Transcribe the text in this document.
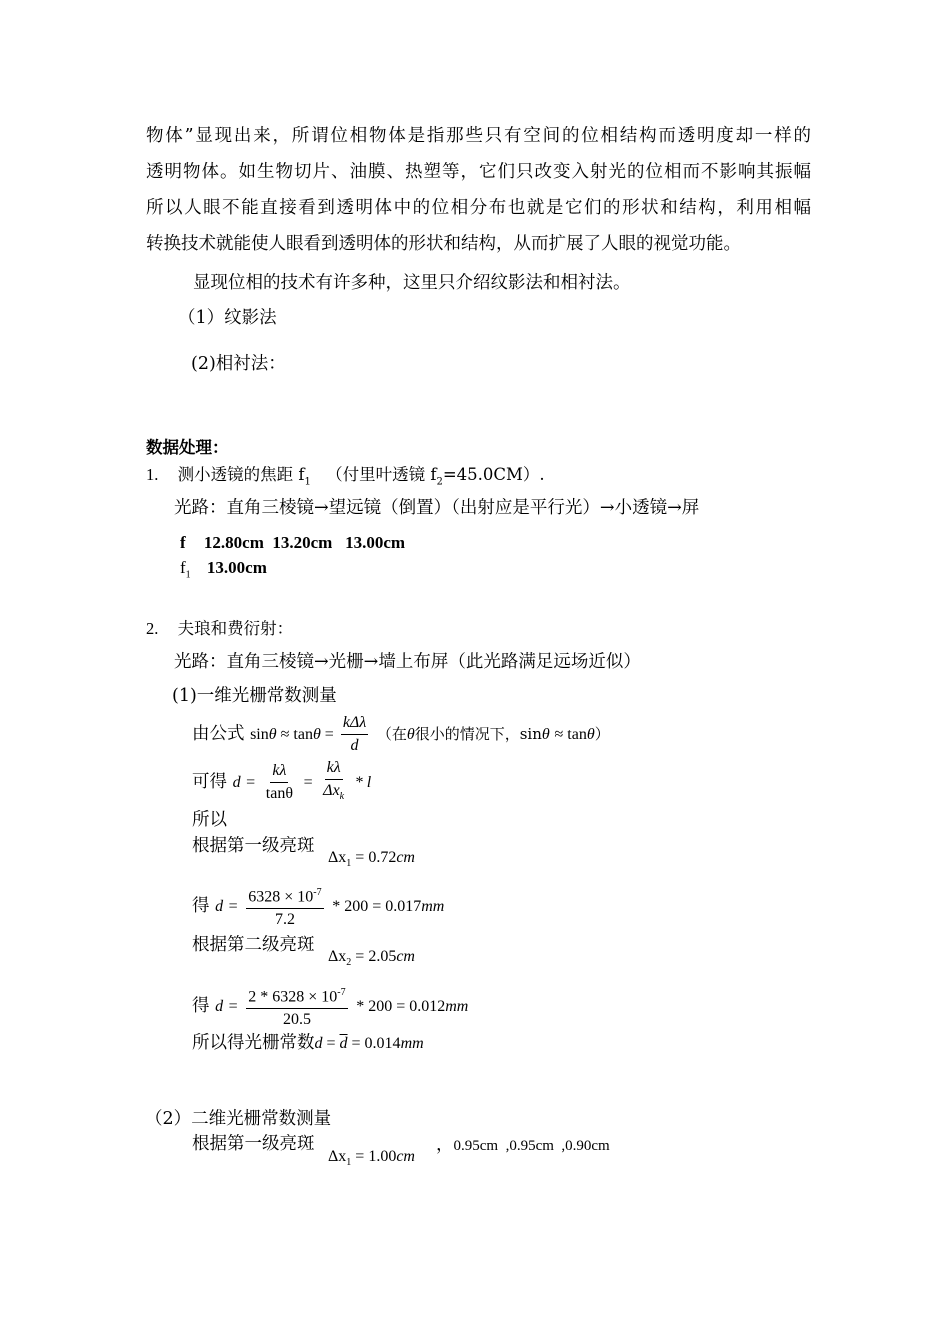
物体”显现出来，所谓位相物体是指那些只有空间的位相结构而透明度却一样的
透明物体。如生物切片、油膜、热塑等，它们只改变入射光的位相而不影响其振幅
所以人眼不能直接看到透明体中的位相分布也就是它们的形状和结构，利用相幅
转换技术就能使人眼看到透明体的形状和结构，从而扩展了人眼的视觉功能。
显现位相的技术有许多种，这里只介绍纹影法和相衬法。
（1）纹影法
(2)相衬法：
数据处理：
1. 测小透镜的焦距 $f_1$ （付里叶透镜 $f_2=45.0CM$）.
光路：直角三棱镜→望远镜（倒置）（出射应是平行光）→小透镜→屏
f 12.80cm  13.20cm   13.00cm
$f_1$ 13.00cm
2. 夫琅和费衍射：
光路：直角三棱镜→光栅→墙上布屏（此光路满足远场近似）
(1)一维光栅常数测量
由公式 $\sin\theta \approx \tan\theta = \frac{\text{kΔλ}}{d}$ （在θ很小的情况下，sinθ ≈ tanθ）
可得 $d = \frac{k\lambda}{\tan\theta} = \frac{k\lambda}{\Delta x_k} * l$
所以
根据第一级亮斑
$\Delta x_1 = 0.72cm$
得 $d = \frac{6328 \times 10^{-7}}{7.2} * 200 = 0.017mm$
根据第二级亮斑
$\Delta x_2 = 2.05cm$
得 $d = \frac{2 * 6328 \times 10^{-7}}{20.5} * 200 = 0.012mm$
所以得光栅常数$d = \overline{d} = 0.014mm$
（2）二维光栅常数测量
根据第一级亮斑
$\Delta x_1 = 1.00cm$
，0.95cm  ,0.95cm  ,0.90cm
